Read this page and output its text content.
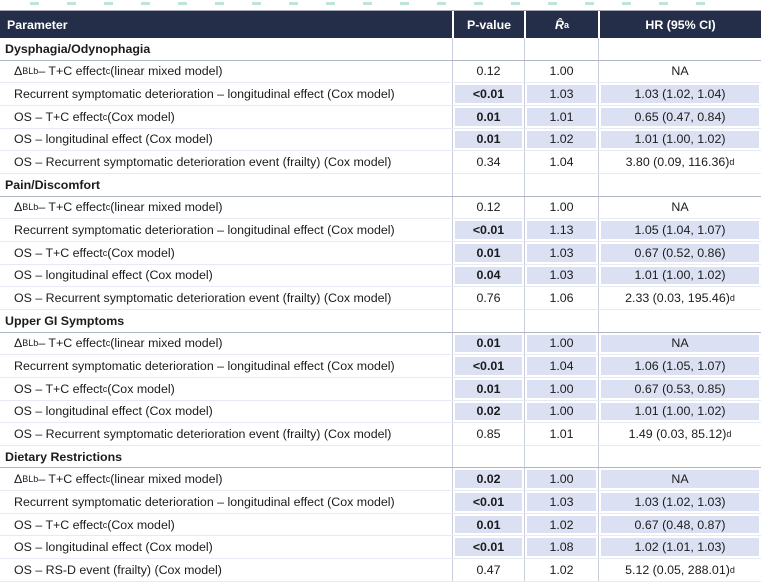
Parameter	P-value	R̂ a	HR (95% CI)
Dysphagia/Odynophagia
Δ BL b – T+C effect c (linear mixed model)	0.12	1.00	NA
Recurrent symptomatic deterioration – longitudinal effect (Cox model)	<0.01	1.03	1.03 (1.02, 1.04)
OS – T+C effect c (Cox model)	0.01	1.01	0.65 (0.47, 0.84)
OS – longitudinal effect (Cox model)	0.01	1.02	1.01 (1.00, 1.02)
OS – Recurrent symptomatic deterioration event (frailty) (Cox model)	0.34	1.04	3.80 (0.09, 116.36) d
Pain/Discomfort
Δ BL b – T+C effect c (linear mixed model)	0.12	1.00	NA
Recurrent symptomatic deterioration – longitudinal effect (Cox model)	<0.01	1.13	1.05 (1.04, 1.07)
OS – T+C effect c (Cox model)	0.01	1.03	0.67 (0.52, 0.86)
OS – longitudinal effect (Cox model)	0.04	1.03	1.01 (1.00, 1.02)
OS – Recurrent symptomatic deterioration event (frailty) (Cox model)	0.76	1.06	2.33 (0.03, 195.46) d
Upper GI Symptoms
Δ BL b – T+C effect c (linear mixed model)	0.01	1.00	NA
Recurrent symptomatic deterioration – longitudinal effect (Cox model)	<0.01	1.04	1.06 (1.05, 1.07)
OS – T+C effect c (Cox model)	0.01	1.00	0.67 (0.53, 0.85)
OS – longitudinal effect (Cox model)	0.02	1.00	1.01 (1.00, 1.02)
OS – Recurrent symptomatic deterioration event (frailty) (Cox model)	0.85	1.01	1.49 (0.03, 85.12) d
Dietary Restrictions
Δ BL b – T+C effect c (linear mixed model)	0.02	1.00	NA
Recurrent symptomatic deterioration – longitudinal effect (Cox model)	<0.01	1.03	1.03 (1.02, 1.03)
OS – T+C effect c (Cox model)	0.01	1.02	0.67 (0.48, 0.87)
OS – longitudinal effect (Cox model)	<0.01	1.08	1.02 (1.01, 1.03)
OS – RS-D event (frailty) (Cox model)	0.47	1.02	5.12 (0.05, 288.01) d
